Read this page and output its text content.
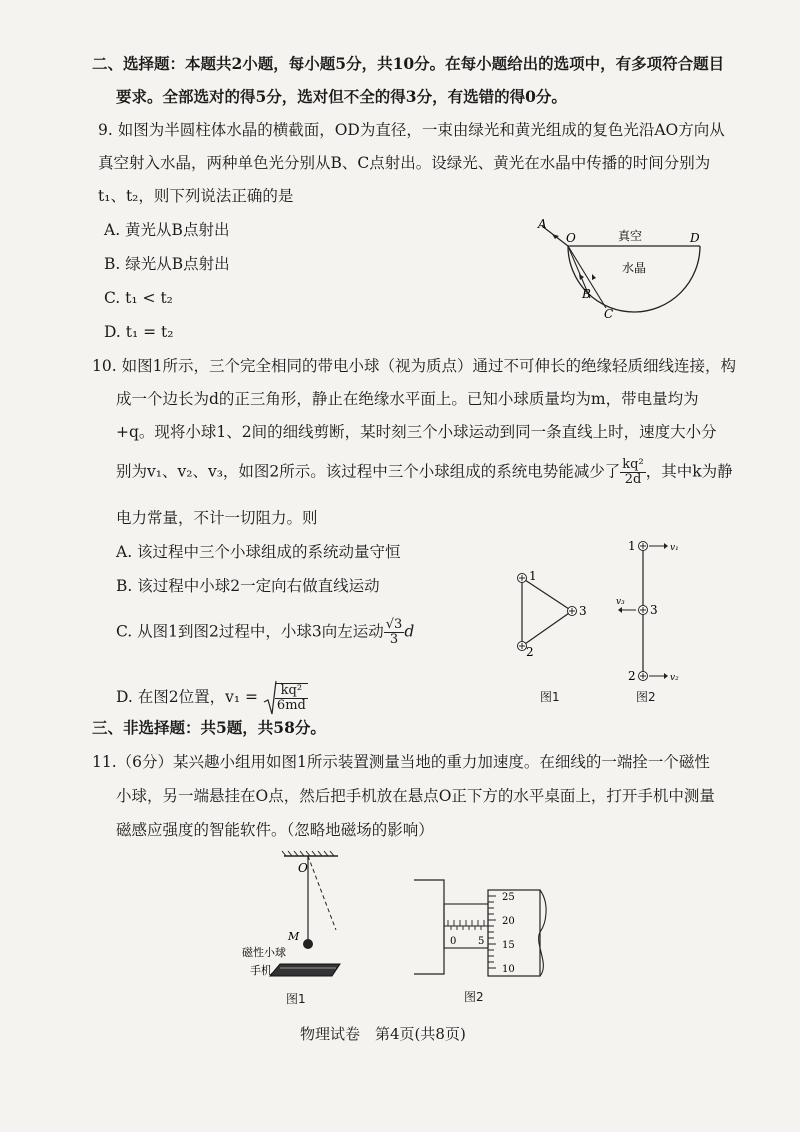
二、选择题：本题共2小题，每小题5分，共10分。在每小题给出的选项中，有多项符合题目
要求。全部选对的得5分，选对但不全的得3分，有选错的得0分。
9. 如图为半圆柱体水晶的横截面，OD为直径，一束由绿光和黄光组成的复色光沿AO方向从
真空射入水晶，两种单色光分别从B、C点射出。设绿光、黄光在水晶中传播的时间分别为
t₁、t₂，则下列说法正确的是
A. 黄光从B点射出
B. 绿光从B点射出
C. t₁ < t₂
D. t₁ = t₂
A
O	D
B
C
真空
水晶
10. 如图1所示，三个完全相同的带电小球（视为质点）通过不可伸长的绝缘轻质细线连接，构
成一个边长为d的正三角形，静止在绝缘水平面上。已知小球质量均为m，带电量均为
+q。现将小球1、2间的细线剪断，某时刻三个小球运动到同一条直线上时，速度大小分
别为v₁、v₂、v₃，如图2所示。该过程中三个小球组成的系统电势能减少了 $\frac{\text{kq²}}{2d}$ ，其中k为静
电力常量，不计一切阻力。则
A. 该过程中三个小球组成的系统动量守恒
B. 该过程中小球2一定向右做直线运动
C. 从图1到图2过程中，小球3向左运动 $\frac{√3}{3}$ d
D. 在图2位置，$v_1 = \frac{\text{kq²}}{6md}$
1
3
2
图1
1
3
2
v₁
v₂
v₃
图2
三、非选择题：共5题，共58分。
11.（6分）某兴趣小组用如图1所示装置测量当地的重力加速度。在细线的一端拴一个磁性
小球，另一端悬挂在O点，然后把手机放在悬点O正下方的水平桌面上，打开手机中测量
磁感应强度的智能软件。（忽略地磁场的影响）
O
M
磁性小球
手机
图1
0 5
25
20
15
10
图2
物理试卷　第4页(共8页)
